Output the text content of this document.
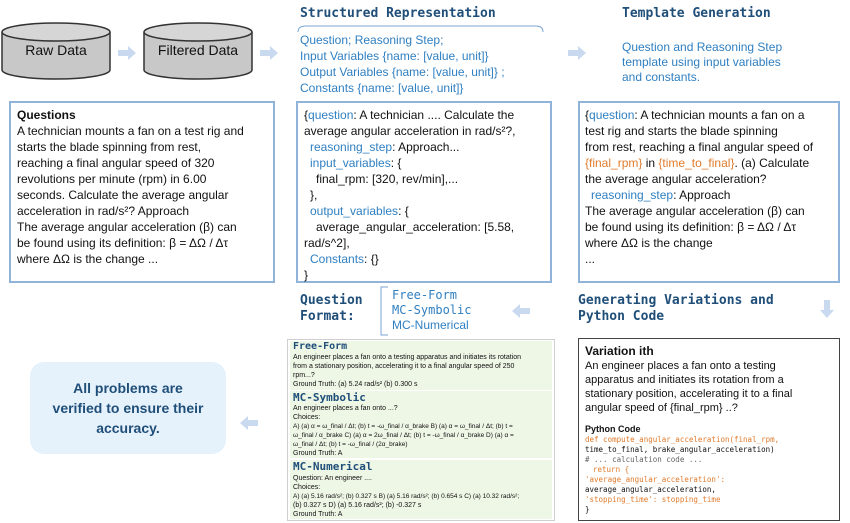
Raw Data	Filtered Data
Structured Representation
Question; Reasoning Step;
Input Variables {name: [value, unit]}
Output Variables {name: [value, unit]} ;
Constants {name: [value, unit]}
Template Generation
Question and Reasoning Step
template using input variables
and constants.
Questions
A technician mounts a fan on a test rig and
starts the blade spinning from rest,
reaching a final angular speed of 320
revolutions per minute (rpm) in 6.00
seconds. Calculate the average angular
acceleration in rad/s²? Approach
The average angular acceleration (β) can
be found using its definition: β = ΔΩ / Δτ
where ΔΩ is the change ...
{question: A technician .... Calculate the
average angular acceleration in rad/s²?,
reasoning_step: Approach...
input_variables: {
final_rpm: [320, rev/min],...
},
output_variables: {
average_angular_acceleration: [5.58,
rad/s^2],
Constants: {}
}
{question: A technician mounts a fan on a
test rig and starts the blade spinning
from rest, reaching a final angular speed of
{final_rpm} in {time_to_final}. (a) Calculate
the average angular acceleration?
reasoning_step: Approach
The average angular acceleration (β) can
be found using its definition: β = ΔΩ / Δτ
where ΔΩ is the change
...
Question
Format:
Free-Form
MC-Symbolic
MC-Numerical
Generating Variations and
Python Code
All problems are
verified to ensure their
accuracy.
Free-Form
An engineer places a fan onto a testing apparatus and initiates its rotation
from a stationary position, accelerating it to a final angular speed of 250
rpm...?
Ground Truth: (a) 5.24 rad/s² (b) 0.300 s
MC-Symbolic
An engineer places a fan onto ...?
Choices:
A) (a) α = ω_final / Δt; (b) t = -ω_final / α_brake B) (a) α = ω_final / Δt; (b) t =
ω_final / α_brake C) (a) α = 2ω_final / Δt; (b) t = -ω_final / α_brake D) (a) α =
ω_final / Δt; (b) t = -ω_final / (2α_brake)
Ground Truth: A
MC-Numerical
Question: An engineer ....
Choices:
A) (a) 5.16 rad/s²; (b) 0.327 s B) (a) 5.16 rad/s²; (b) 0.654 s C) (a) 10.32 rad/s²;
(b) 0.327 s D) (a) 5.16 rad/s²; (b) -0.327 s
Ground Truth: A
Variation ith
An engineer places a fan onto a testing
apparatus and initiates its rotation from a
stationary position, accelerating it to a final
angular speed of {final_rpm} ..?
Python Code
def compute_angular_acceleration(final_rpm,
time_to_final, brake_angular_acceleration)
# ... calculation code ...
return {
'average_angular_acceleration':
average_angular_acceleration,
'stopping_time': stopping_time
}
